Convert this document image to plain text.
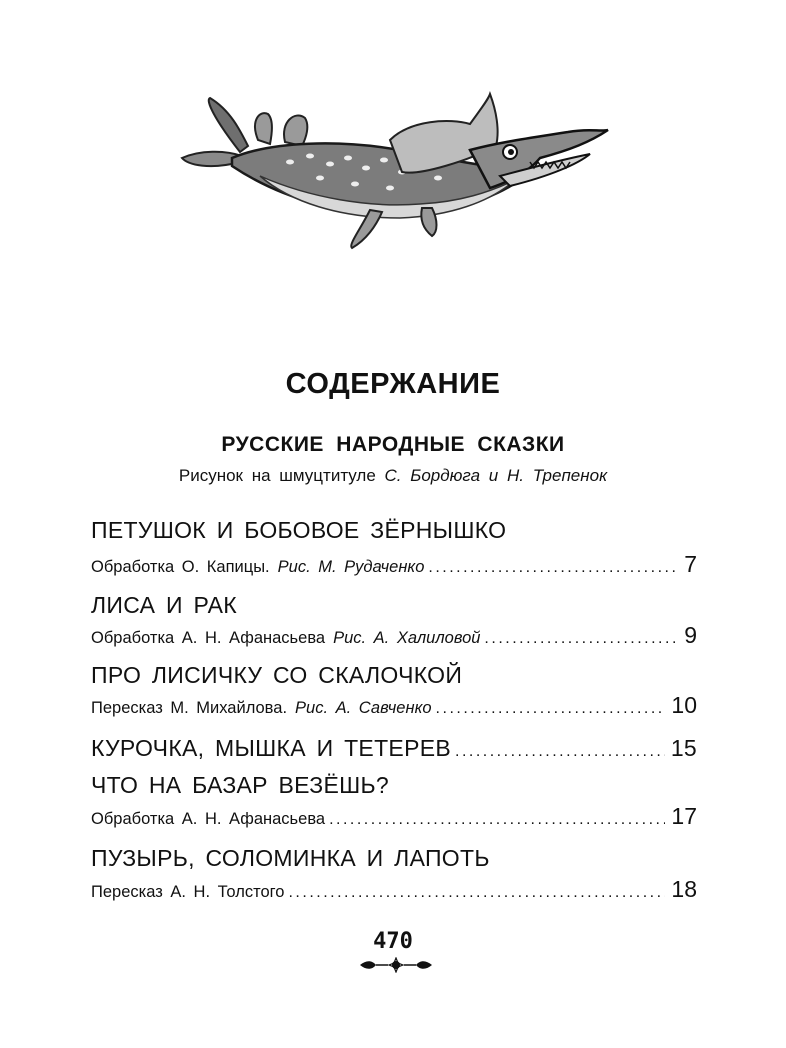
СОДЕРЖАНИЕ
РУССКИЕ НАРОДНЫЕ СКАЗКИ
Рисунок на шмуцтитуле С. Бордюга и Н. Трепенок
ПЕТУШОК И БОБОВОЕ ЗЁРНЫШКО
Обработка О. Капицы. Рис. М. Рудаченко .....	7
ЛИСА И РАК
Обработка А. Н. Афанасьева Рис. А. Халиловой .....	9
ПРО ЛИСИЧКУ СО СКАЛОЧКОЙ
Пересказ М. Михайлова. Рис. А. Савченко .....	10
КУРОЧКА, МЫШКА И ТЕТЕРЕВ .....	15
ЧТО НА БАЗАР ВЕЗЁШЬ?
Обработка А. Н. Афанасьева .....	17
ПУЗЫРЬ, СОЛОМИНКА И ЛАПОТЬ
Пересказ А. Н. Толстого .....	18
470
